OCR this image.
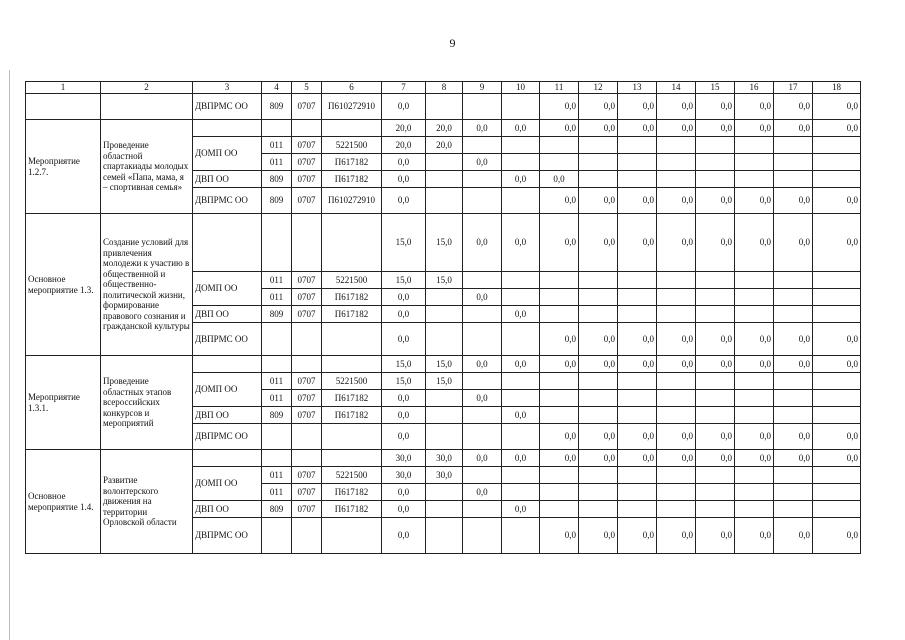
9
1	2	3	4	5	6	7	8	9	10	11	12	13	14	15	16	17	18
		ДВПРМС ОО	809	0707	П610272910	0,0				0,0	0,0	0,0	0,0	0,0	0,0	0,0	0,0
Мероприятие 1.2.7.	Проведение областной спартакиады молодых семей «Папа, мама, я – спортивная семья»					20,0	20,0	0,0	0,0	0,0	0,0	0,0	0,0	0,0	0,0	0,0	0,0
		ДОМП ОО	011	0707	5221500	20,0	20,0										
			011	0707	П617182	0,0		0,0									
		ДВП ОО	809	0707	П617182	0,0			0,0	0,0							
		ДВПРМС ОО	809	0707	П610272910	0,0				0,0	0,0	0,0	0,0	0,0	0,0	0,0	0,0
Основное мероприятие 1.3.	Создание условий для привлечения молодежи к участию в общественной и общественно-политической жизни, формирование правового сознания и гражданской культуры					15,0	15,0	0,0	0,0	0,0	0,0	0,0	0,0	0,0	0,0	0,0	0,0
		ДОМП ОО	011	0707	5221500	15,0	15,0										
			011	0707	П617182	0,0		0,0									
		ДВП ОО	809	0707	П617182	0,0			0,0								
		ДВПРМС ОО				0,0				0,0	0,0	0,0	0,0	0,0	0,0	0,0	0,0
Мероприятие 1.3.1.	Проведение областных этапов всероссийских конкурсов и мероприятий					15,0	15,0	0,0	0,0	0,0	0,0	0,0	0,0	0,0	0,0	0,0	0,0
		ДОМП ОО	011	0707	5221500	15,0	15,0										
			011	0707	П617182	0,0		0,0									
		ДВП ОО	809	0707	П617182	0,0			0,0								
		ДВПРМС ОО				0,0				0,0	0,0	0,0	0,0	0,0	0,0	0,0	0,0
Основное мероприятие 1.4.	Развитие волонтерского движения на территории Орловской области					30,0	30,0	0,0	0,0	0,0	0,0	0,0	0,0	0,0	0,0	0,0	0,0
		ДОМП ОО	011	0707	5221500	30,0	30,0										
			011	0707	П617182	0,0		0,0									
		ДВП ОО	809	0707	П617182	0,0			0,0								
		ДВПРМС ОО				0,0				0,0	0,0	0,0	0,0	0,0	0,0	0,0	0,0
